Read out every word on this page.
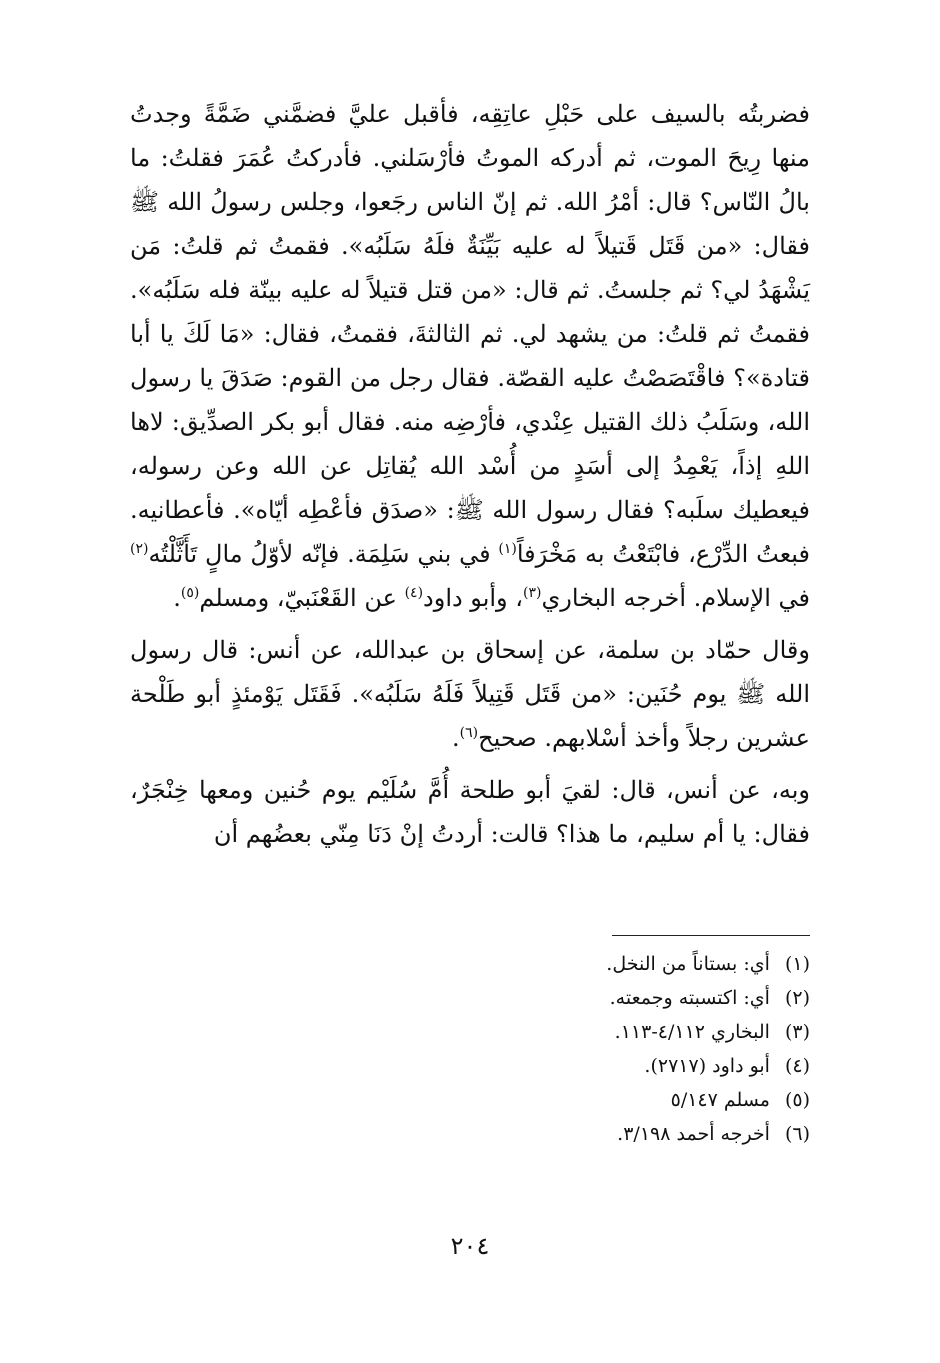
فضربتُه بالسيف على حَبْلِ عاتِقِه، فأقبل عليَّ فضمَّني ضَمَّةً وجدتُ منها رِيحَ الموت، ثم أدركه الموتُ فأرْسَلني. فأدركتُ عُمَرَ فقلتُ: ما بالُ النّاس؟ قال: أمْرُ الله. ثم إنّ الناس رجَعوا، وجلس رسولُ الله ﷺ فقال: «من قَتَل قَتيلاً له عليه بَيِّنَةٌ فلَهُ سَلَبُه». فقمتُ ثم قلتُ: مَن يَشْهَدُ لي؟ ثم جلستُ. ثم قال: «من قتل قتيلاً له عليه بينّة فله سَلَبُه». فقمتُ ثم قلتُ: من يشهد لي. ثم الثالثةَ، فقمتُ، فقال: «مَا لَكَ يا أبا قتادة»؟ فاقْتَصَصْتُ عليه القصّة. فقال رجل من القوم: صَدَقَ يا رسول الله، وسَلَبُ ذلك القتيل عِنْدي، فأرْضِه منه. فقال أبو بكر الصدِّيق: لاها اللهِ إذاً، يَعْمِدُ إلى أسَدٍ من أُسْد الله يُقاتِل عن الله وعن رسوله، فيعطيك سلَبه؟ فقال رسول الله ﷺ: «صدَق فأعْطِه أيّاه». فأعطانيه. فبعتُ الدِّرْع، فابْتَعْتُ به مَخْرَفاً$^{(١)}$ في بني سَلِمَة. فإنّه لأوّلُ مالٍ تَأَثَّلْتُه$^{(٢)}$ في الإسلام. أخرجه البخاري$^{(٣)}$، وأبو داود$^{(٤)}$ عن القَعْنَبيّ، ومسلم$^{(٥)}$.

وقال حمّاد بن سلمة، عن إسحاق بن عبدالله، عن أنس: قال رسول الله ﷺ يوم حُنَين: «من قَتَل قَتِيلاً فَلَهُ سَلَبُه». فَقَتَل يَوْمئذٍ أبو طَلْحة عشرين رجلاً وأخذ أسْلابهم. صحيح$^{(٦)}$.

وبه، عن أنس، قال: لقيَ أبو طلحة أُمَّ سُلَيْم يوم حُنين ومعها خِنْجَرٌ، فقال: يا أم سليم، ما هذا؟ قالت: أردتُ إنْ دَنَا مِنّي بعضُهم أن

(١) أي: بستاناً من النخل.
(٢) أي: اكتسبته وجمعته.
(٣) البخاري ٤/١١٢-١١٣.
(٤) أبو داود (٢٧١٧).
(٥) مسلم ٥/١٤٧
(٦) أخرجه أحمد ٣/١٩٨.
٢٠٤
